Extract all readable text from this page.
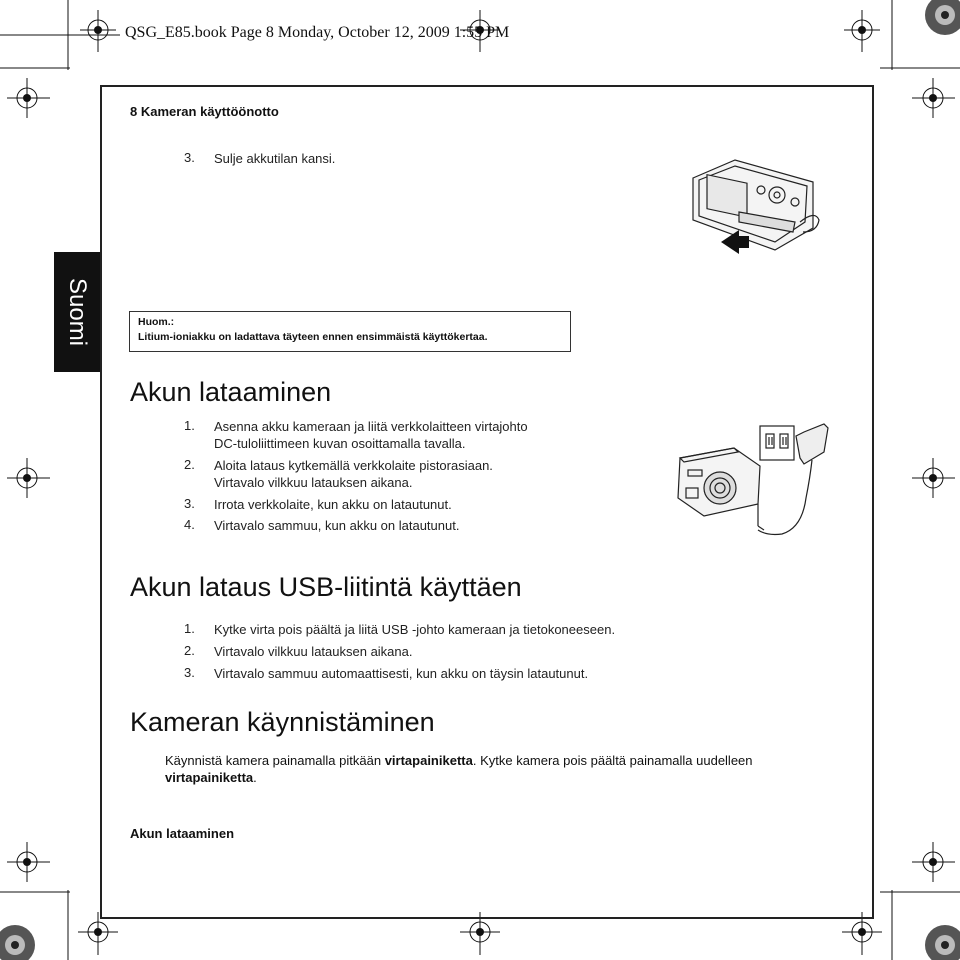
QSG_E85.book Page 8 Monday, October 12, 2009 1:55 PM
8 Kameran käyttöönotto
Suomi
3. Sulje akkutilan kansi.
Huom.:
Litium-ioniakku on ladattava täyteen ennen ensimmäistä käyttökertaa.
Akun lataaminen
1. Asenna akku kameraan ja liitä verkkolaitteen virtajohto
DC-tuloliittimeen kuvan osoittamalla tavalla.
2. Aloita lataus kytkemällä verkkolaite pistorasiaan.
Virtavalo vilkkuu latauksen aikana.
3. Irrota verkkolaite, kun akku on latautunut.
4. Virtavalo sammuu, kun akku on latautunut.
Akun lataus USB-liitintä käyttäen
1. Kytke virta pois päältä ja liitä USB -johto kameraan ja tietokoneeseen.
2. Virtavalo vilkkuu latauksen aikana.
3. Virtavalo sammuu automaattisesti, kun akku on täysin latautunut.
Kameran käynnistäminen
Käynnistä kamera painamalla pitkään virtapainiketta. Kytke kamera pois päältä painamalla uudelleen virtapainiketta.
Akun lataaminen
